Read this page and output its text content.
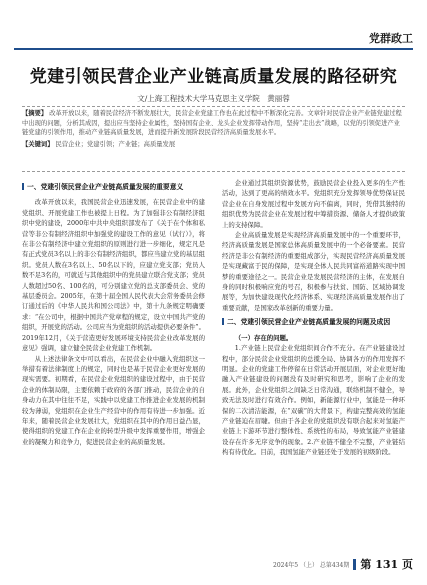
党群政工
党建引领民营企业产业链高质量发展的路径研究
文/上海工程技术大学马克思主义学院　黄丽蓉
【摘要】 改革开放以来，随着民营经济不断发展壮大，民营企业党建工作也在此过程中不断深化完善。文章针对民营企业产业链党建过程中出现的问题，分析其成因，提出应当坚持企业属性，坚持国有企业、龙头企业发挥带动作用，坚持“走出去”战略，以党的引领促进产业链党建的引领作用，推动产业链高质量发展，进而提升新发展阶段民营经济高质量发展水平。
【关键词】 民营企业；党建引领；产业链；高质量发展
一、党建引领民营企业产业链高质量发展的重要意义

改革开放以来，我国民营企业迅速发展，在民营企业中的建党组织、开展党建工作也被提上日程。为了加强非公有制经济组织中党的建设，2000年中共中央组织部发布了《关于在个体和私营等非公有制经济组织中加强党的建设工作的意见（试行）》，将在非公有制经济中建立党组织的原则进行进一步细化，规定凡是有正式党员3名以上的非公有制经济组织，都应当建立党的基层组织。党员人数在3名以上、50名以下的，应建立党支部；党员人数不足3名的，可就近与其他组织中的党员建立联合党支部；党员人数超过50名、100名的，可分别建立党的总支部委员会、党的基层委员会。2005年，在第十届全国人民代表大会常务委员会修订通过后的《中华人民共和国公司法》中，第十九条规定明确要求：“在公司中，根据中国共产党章程的规定，设立中国共产党的组织，开展党的活动。公司应当为党组织的活动提供必要条件”。2019年12月，《关于营造更好发展环境支持民营企业改革发展的意见》强调，建立健全民营企业党建工作机制。

从上述法律条文中可以看出，在民营企业中融入党组织这一举措有着法律制度上的规定，同时也是基于民营企业更好发展的现实需要。初期看，在民营企业党组织的建设过程中，由于民营企业的体制局限，主要依赖于政府的各部门推动，民营企业的自身动力在其中往往不足，实践中以党建工作推进企业发展的机制较为薄弱，党组织在企业生产经营中的作用有待进一步加强。近年来，随着民营企业发展壮大，党组织在其中的作用日益凸显，使得组织的党建工作在企业的转型升级中发挥重要作用，增强企业的凝聚力和竞争力，促进民营企业的高质量发展。

企业通过其组织资源优势，鼓励民营企业投入更多的生产性活动，达到了更高的绩效水平。党组织充分发挥领导优势保证民营企业在自身发展过程中发展方向不偏离，同时，凭借其独特的组织优势为民营企业在发展过程中筹措资源、储备人才提供政策上的支持保障。

企业高质量发展是实现经济高质量发展中的一个重要环节，经济高质量发展是国家总体高质量发展中的一个必备要素。民营经济是非公有制经济的重要组成部分，实现民营经济高质量发展是实现藏富于民的保障，是实现全体人民共同富裕道路实现中国梦的重要途径之一。民营企业是发展民营经济的主体，在发展自身的同时积极响应党的号召，积极参与扶贫、国防、区域协调发展等，为加快建设现代化经济体系、实现经济高质量发展作出了重要贡献，是国家改革创新的重要力量。

二、党建引领民营企业产业链高质量发展的问题及成因
（一）存在的问题。

1.产业链上民营企业党组织间合作不充分。在产业链建设过程中，部分民营企业党组织的总揽全局、协调各方的作用发挥不明显。企业的党建工作停留在日常活动开展层面，对企业更好地融入产业链建设的问题没有及时研究和思考，影响了企业的发展。此外，企业党组织之间缺乏日常沟通，联络机制不健全，导致无法及时进行有效合作。例如，新能源行业中，氢能是一种环保的二次清洁能源，在“双碳”的大背景下，构建完整高效的氢能产业链迫在眉睫。但由于各企业的党组织没有联合起来对氢能产业链上下游环节进行整体性、系统性的布局，导致氢能产业链建设存在许多无序竞争的现象。2.产业链不健全不完整，产业链结构有待优化。目前，我国氢能产业链还处于发展的初级阶段。

2024年5 （上） 总第434期 第 131 页
